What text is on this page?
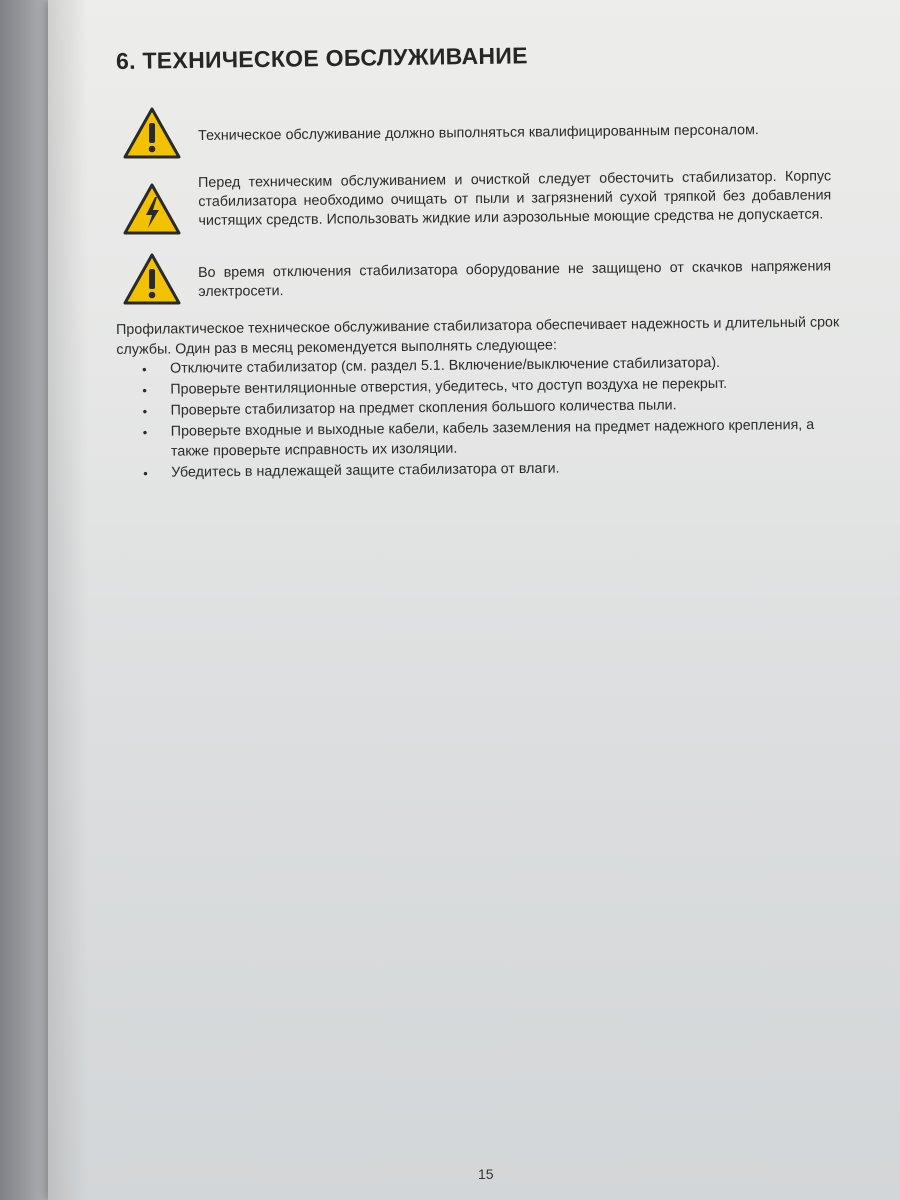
6. ТЕХНИЧЕСКОЕ ОБСЛУЖИВАНИЕ
Техническое обслуживание должно выполняться квалифицированным персоналом.
Перед техническим обслуживанием и очисткой следует обесточить стабилизатор. Корпус стабилизатора необходимо очищать от пыли и загрязнений сухой тряпкой без добавления чистящих средств. Использовать жидкие или аэрозольные моющие средства не допускается.
Во время отключения стабилизатора оборудование не защищено от скачков напряжения электросети.
Профилактическое техническое обслуживание стабилизатора обеспечивает надежность и длительный срок службы. Один раз в месяц рекомендуется выполнять следующее:
• Отключите стабилизатор (см. раздел 5.1. Включение/выключение стабилизатора).
• Проверьте вентиляционные отверстия, убедитесь, что доступ воздуха не перекрыт.
• Проверьте стабилизатор на предмет скопления большого количества пыли.
• Проверьте входные и выходные кабели, кабель заземления на предмет надежного крепления, а также проверьте исправность их изоляции.
• Убедитесь в надлежащей защите стабилизатора от влаги.
15
